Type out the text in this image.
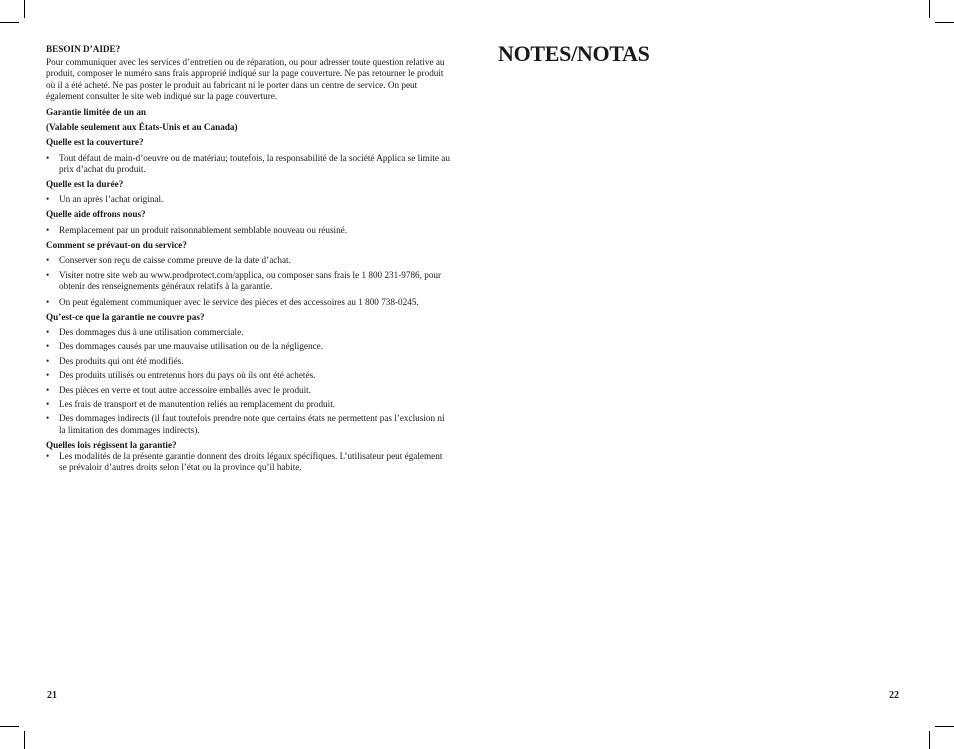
BESOIN D’AIDE?

Pour communiquer avec les services d’entretien ou de réparation, ou pour adresser toute question relative au produit, composer le numéro sans frais approprié indiqué sur la page couverture. Ne pas retourner le produit où il a été acheté. Ne pas poster le produit au fabricant ni le porter dans un centre de service. On peut également consulter le site web indiqué sur la page couverture.

Garantie limitée de un an

(Valable seulement aux États-Unis et au Canada)

Quelle est la couverture?

• Tout défaut de main-d’oeuvre ou de matériau; toutefois, la responsabilité de la société Applica se limite au prix d’achat du produit.

Quelle est la durée?

• Un an après l’achat original.

Quelle aide offrons nous?

• Remplacement par un produit raisonnablement semblable nouveau ou réusiné.

Comment se prévaut-on du service?

• Conserver son reçu de caisse comme preuve de la date d’achat.
• Visiter notre site web au www.prodprotect.com/applica, ou composer sans frais le 1 800 231-9786, pour obtenir des renseignements généraux relatifs à la garantie.
• On peut également communiquer avec le service des pièces et des accessoires au 1 800 738-0245.

Qu’est-ce que la garantie ne couvre pas?

• Des dommages dus à une utilisation commerciale.
• Des dommages causés par une mauvaise utilisation ou de la négligence.
• Des produits qui ont été modifiés.
• Des produits utilisés ou entretenus hors du pays où ils ont été achetés.
• Des pièces en verre et tout autre accessoire emballés avec le produit.
• Les frais de transport et de manutention reliés au remplacement du produit.
• Des dommages indirects (il faut toutefois prendre note que certains états ne permettent pas l’exclusion ni la limitation des dommages indirects).

Quelles lois régissent la garantie?

• Les modalités de la présente garantie donnent des droits légaux spécifiques. L’utilisateur peut également se prévaloir d’autres droits selon l’état ou la province qu’il habite.
NOTES/NOTAS
21	22
